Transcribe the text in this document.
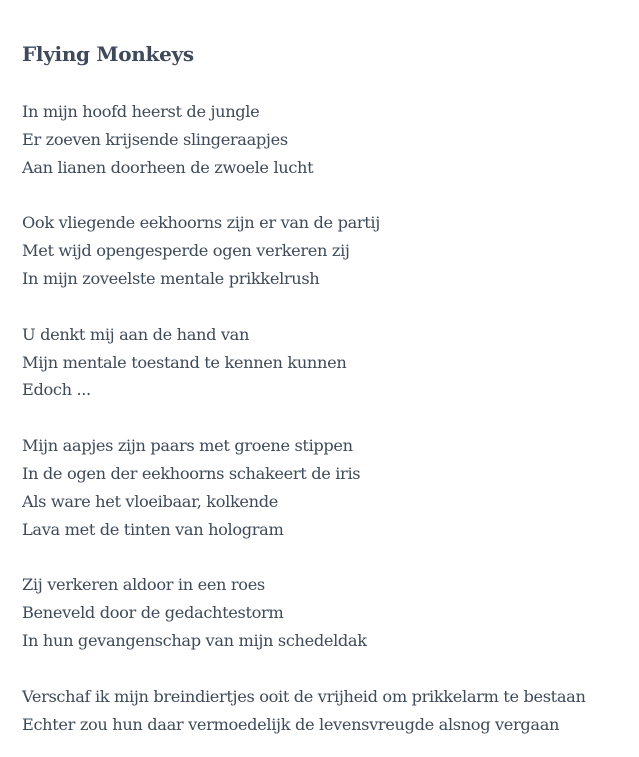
Flying Monkeys
In mijn hoofd heerst de jungle
Er zoeven krijsende slingeraapjes
Aan lianen doorheen de zwoele lucht
Ook vliegende eekhoorns zijn er van de partij
Met wijd opengesperde ogen verkeren zij
In mijn zoveelste mentale prikkelrush
U denkt mij aan de hand van
Mijn mentale toestand te kennen kunnen
Edoch ...
Mijn aapjes zijn paars met groene stippen
In de ogen der eekhoorns schakeert de iris
Als ware het vloeibaar, kolkende
Lava met de tinten van hologram
Zij verkeren aldoor in een roes
Beneveld door de gedachtestorm
In hun gevangenschap van mijn schedeldak
Verschaf ik mijn breindiertjes ooit de vrijheid om prikkelarm te bestaan
Echter zou hun daar vermoedelijk de levensvreugde alsnog vergaan
